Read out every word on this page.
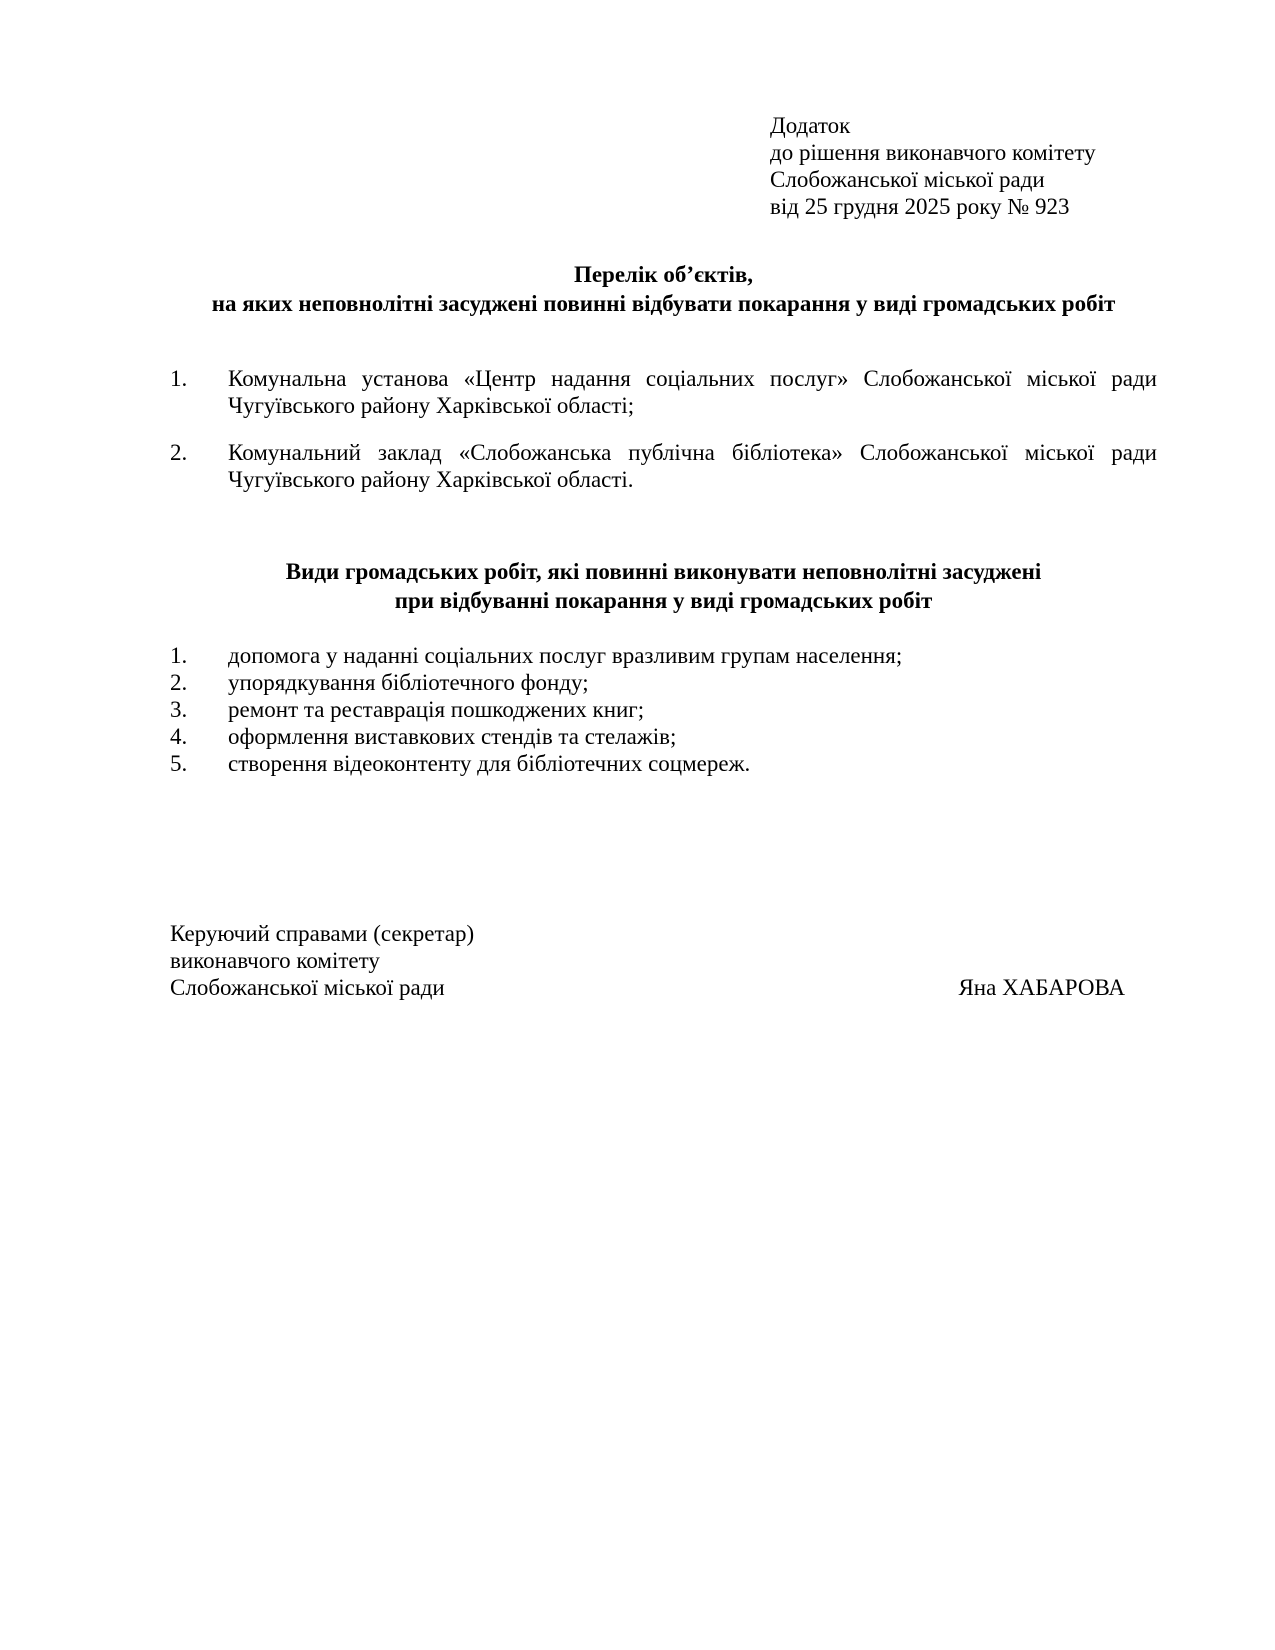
Додаток
до рішення виконавчого комітету
Слобожанської міської ради
від 25 грудня 2025 року № 923
Перелік об’єктів,
на яких неповнолітні засуджені повинні відбувати покарання у виді громадських робіт
1. Комунальна установа «Центр надання соціальних послуг» Слобожанської міської ради Чугуївського району Харківської області;
2. Комунальний заклад «Слобожанська публічна бібліотека» Слобожанської міської ради Чугуївського району Харківської області.
Види громадських робіт, які повинні виконувати неповнолітні засуджені
при відбуванні покарання у виді громадських робіт
1. допомога у наданні соціальних послуг вразливим групам населення;
2. упорядкування бібліотечного фонду;
3. ремонт та реставрація пошкоджених книг;
4. оформлення виставкових стендів та стелажів;
5. створення відеоконтенту для бібліотечних соцмереж.
Керуючий справами (секретар)
виконавчого комітету
Слобожанської міської ради	Яна ХАБАРОВА
